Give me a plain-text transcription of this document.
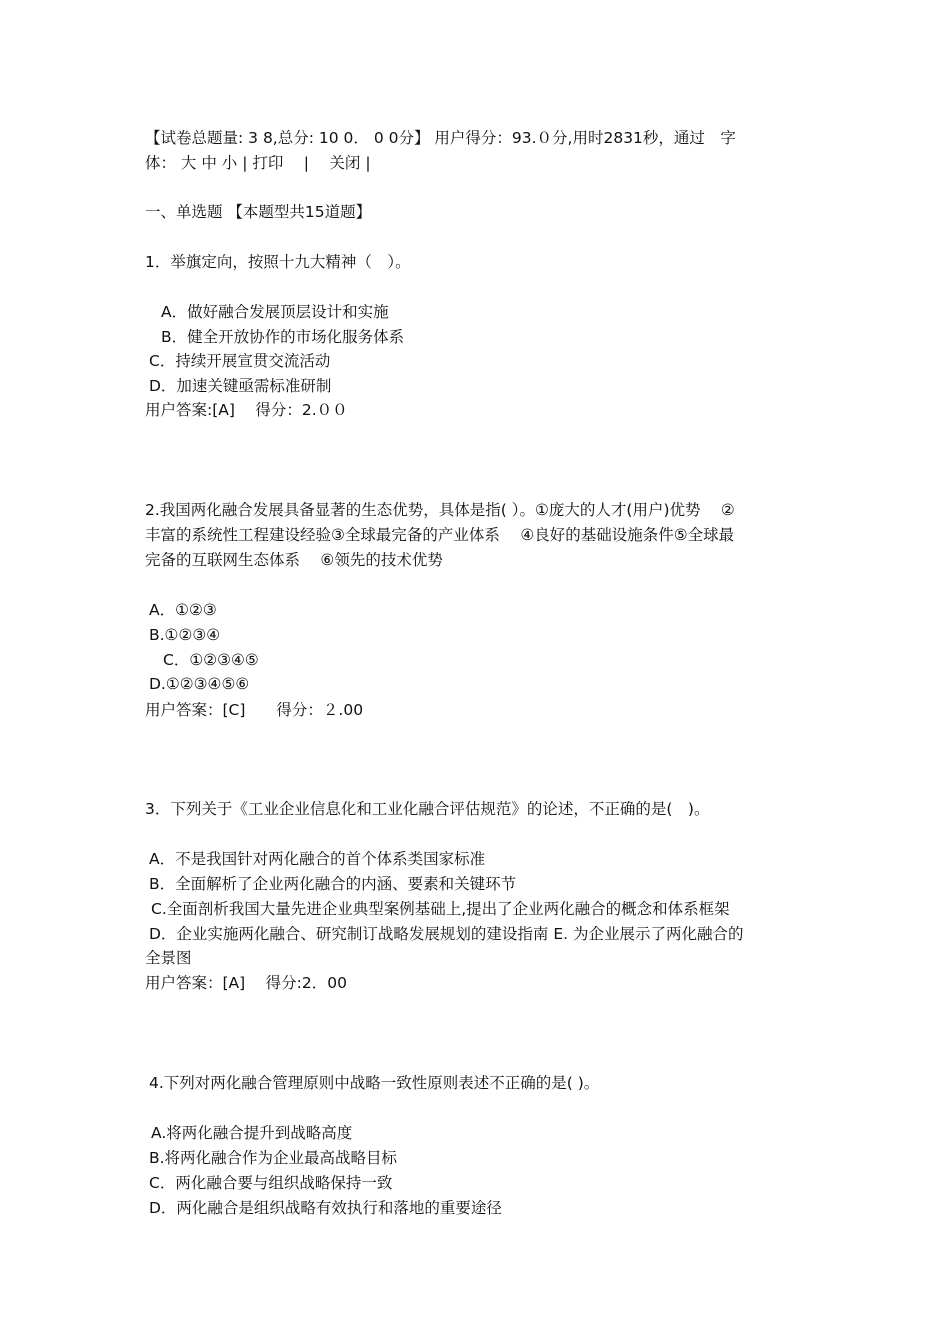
【试卷总题量: 3 8,总分: 10 0． 0 0分】 用户得分：93.０分,用时2831秒，通过　字
体： 大 中 小 | 打印　 |　 关闭 |
一、单选题 【本题型共15道题】
1．举旗定向，按照十九大精神（　）。
A．做好融合发展顶层设计和实施
B．健全开放协作的市场化服务体系
C．持续开展宣贯交流活动
D．加速关键亟需标准研制
用户答案:[A]　 得分：2.００
2.我国两化融合发展具备显著的生态优势，具体是指( ）。①庞大的人才(用户)优势　 ②
丰富的系统性工程建设经验③全球最完备的产业体系　 ④良好的基础设施条件⑤全球最
完备的互联网生态体系　 ⑥领先的技术优势
A．①②③
B.①②③④
C．①②③④⑤
D.①②③④⑤⑥
用户答案：[C]　　得分：２.00
3．下列关于《工业企业信息化和工业化融合评估规范》的论述，不正确的是(　)。
A．不是我国针对两化融合的首个体系类国家标准
B．全面解析了企业两化融合的内涵、要素和关键环节
C.全面剖析我国大量先进企业典型案例基础上,提出了企业两化融合的概念和体系框架
D．企业实施两化融合、研究制订战略发展规划的建设指南 E. 为企业展示了两化融合的
全景图
用户答案：[A]　 得分:2．00
4.下列对两化融合管理原则中战略一致性原则表述不正确的是( )。
A.将两化融合提升到战略高度
B.将两化融合作为企业最高战略目标
C．两化融合要与组织战略保持一致
D．两化融合是组织战略有效执行和落地的重要途径
